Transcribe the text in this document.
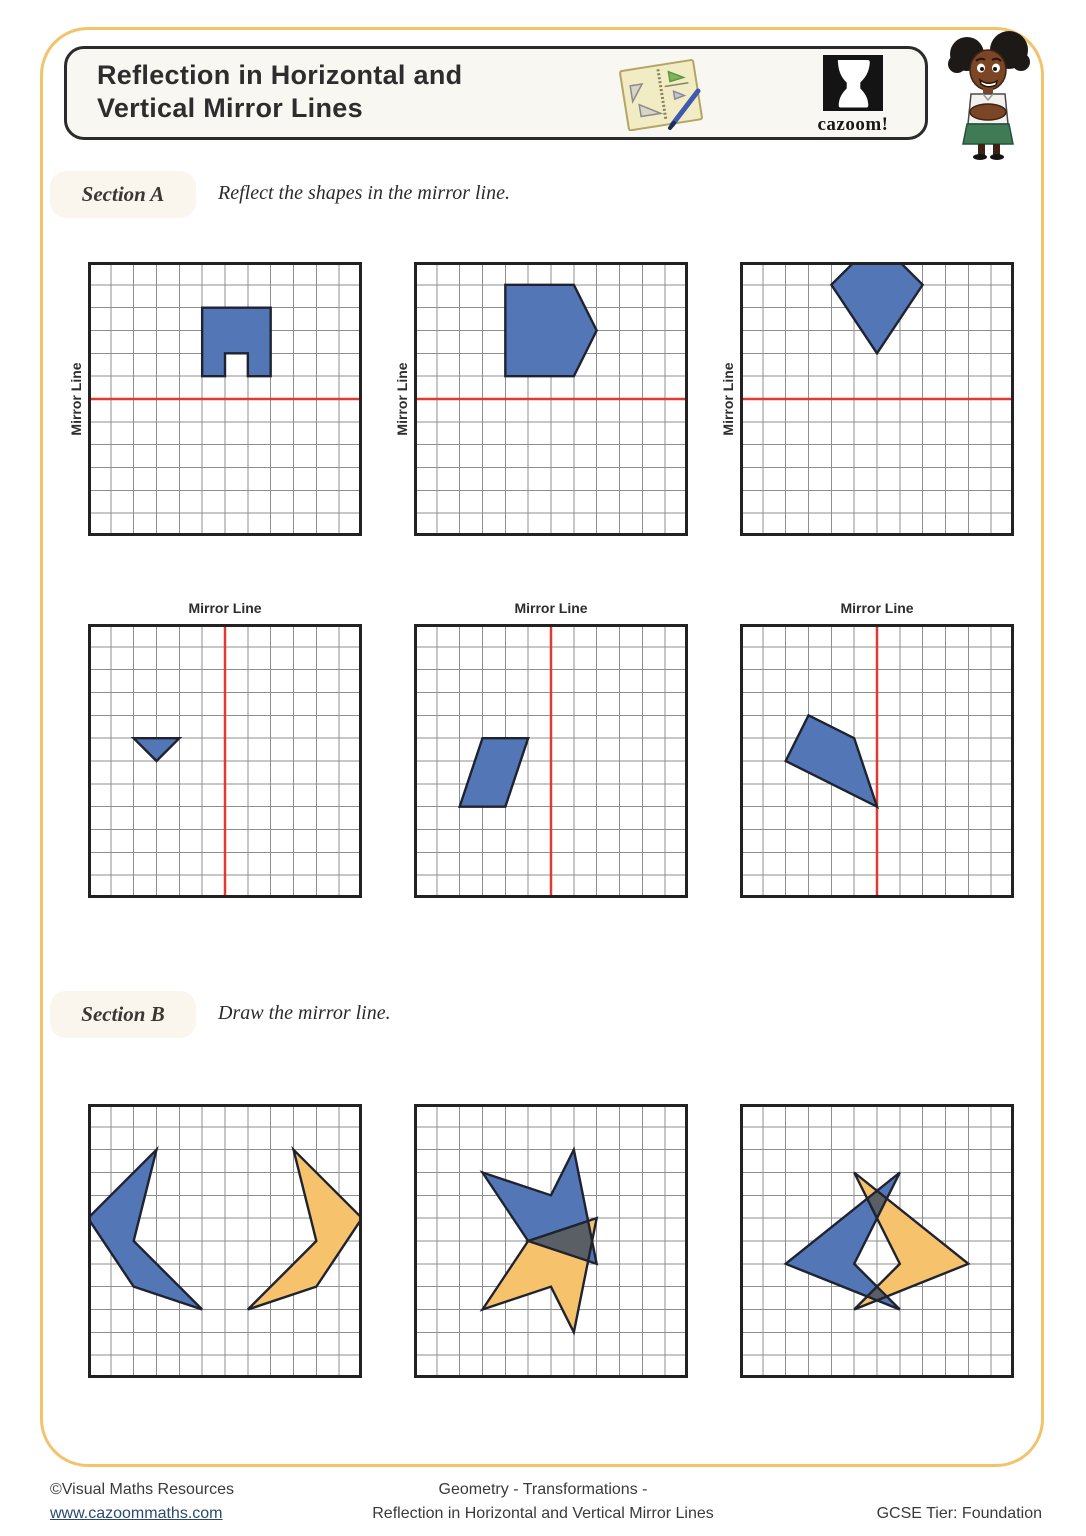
Reflection in Horizontal and
Vertical Mirror Lines
cazoom!
Section A	Reflect the shapes in the mirror line.
Mirror Line	Mirror Line	Mirror Line
Mirror Line	Mirror Line	Mirror Line
Section B	Draw the mirror line.
©Visual Maths Resources
www.cazoommaths.com
Geometry - Transformations -
Reflection in Horizontal and Vertical Mirror Lines	GCSE Tier: Foundation
